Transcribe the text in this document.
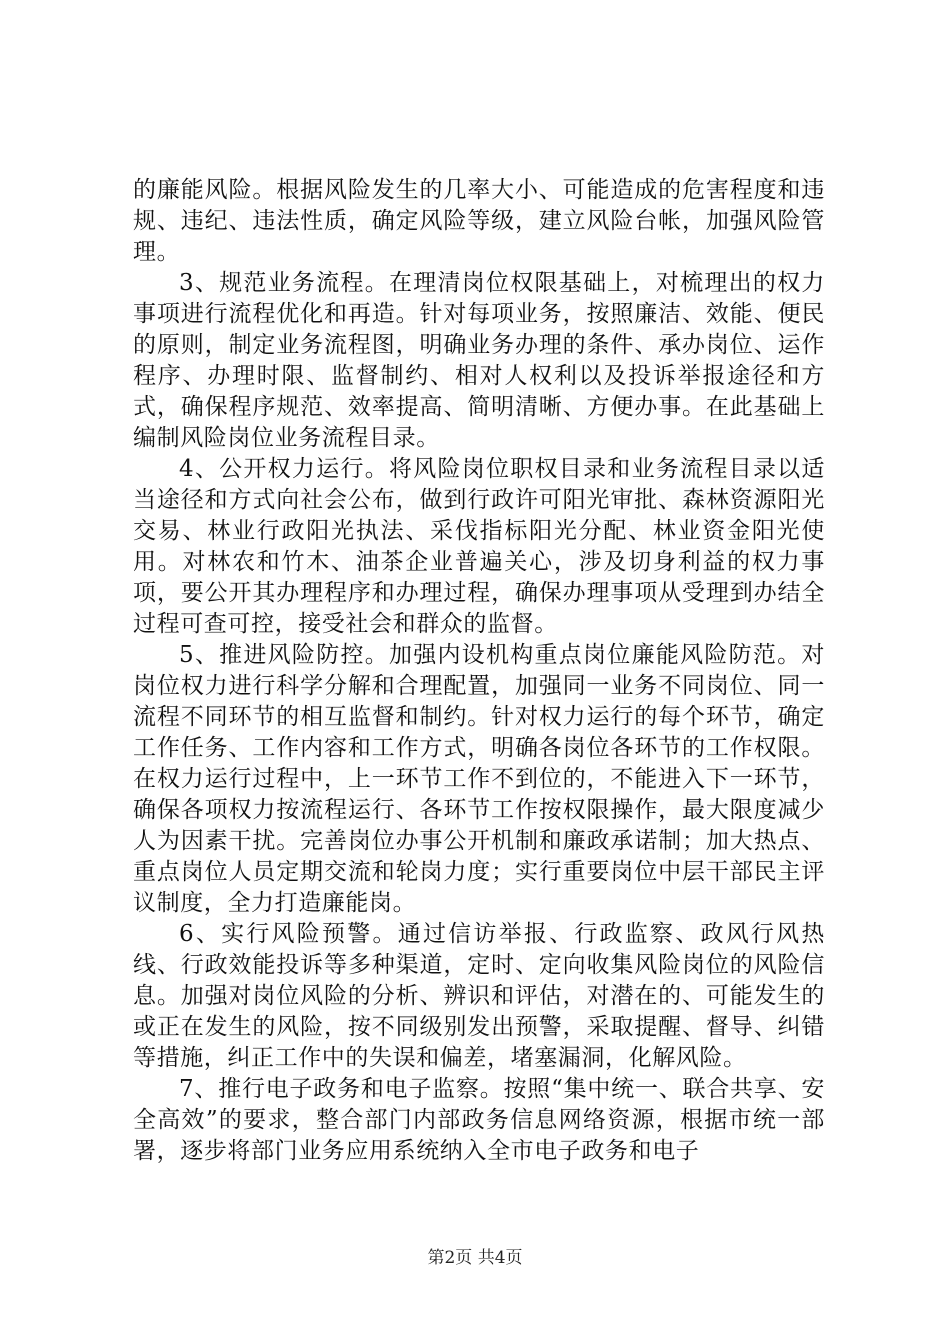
的廉能风险。根据风险发生的几率大小、可能造成的危害程度和违规、违纪、违法性质，确定风险等级，建立风险台帐，加强风险管理。

3、规范业务流程。在理清岗位权限基础上，对梳理出的权力事项进行流程优化和再造。针对每项业务，按照廉洁、效能、便民的原则，制定业务流程图，明确业务办理的条件、承办岗位、运作程序、办理时限、监督制约、相对人权利以及投诉举报途径和方式，确保程序规范、效率提高、简明清晰、方便办事。在此基础上编制风险岗位业务流程目录。

4、公开权力运行。将风险岗位职权目录和业务流程目录以适当途径和方式向社会公布，做到行政许可阳光审批、森林资源阳光交易、林业行政阳光执法、采伐指标阳光分配、林业资金阳光使用。对林农和竹木、油茶企业普遍关心，涉及切身利益的权力事项，要公开其办理程序和办理过程，确保办理事项从受理到办结全过程可查可控，接受社会和群众的监督。

5、推进风险防控。加强内设机构重点岗位廉能风险防范。对岗位权力进行科学分解和合理配置，加强同一业务不同岗位、同一流程不同环节的相互监督和制约。针对权力运行的每个环节，确定工作任务、工作内容和工作方式，明确各岗位各环节的工作权限。在权力运行过程中，上一环节工作不到位的，不能进入下一环节，确保各项权力按流程运行、各环节工作按权限操作，最大限度减少人为因素干扰。完善岗位办事公开机制和廉政承诺制；加大热点、重点岗位人员定期交流和轮岗力度；实行重要岗位中层干部民主评议制度，全力打造廉能岗。

6、实行风险预警。通过信访举报、行政监察、政风行风热线、行政效能投诉等多种渠道，定时、定向收集风险岗位的风险信息。加强对岗位风险的分析、辨识和评估，对潜在的、可能发生的或正在发生的风险，按不同级别发出预警，采取提醒、督导、纠错等措施，纠正工作中的失误和偏差，堵塞漏洞，化解风险。

7、推行电子政务和电子监察。按照“集中统一、联合共享、安全高效”的要求，整合部门内部政务信息网络资源，根据市统一部署，逐步将部门业务应用系统纳入全市电子政务和电子

第2页 共4页
